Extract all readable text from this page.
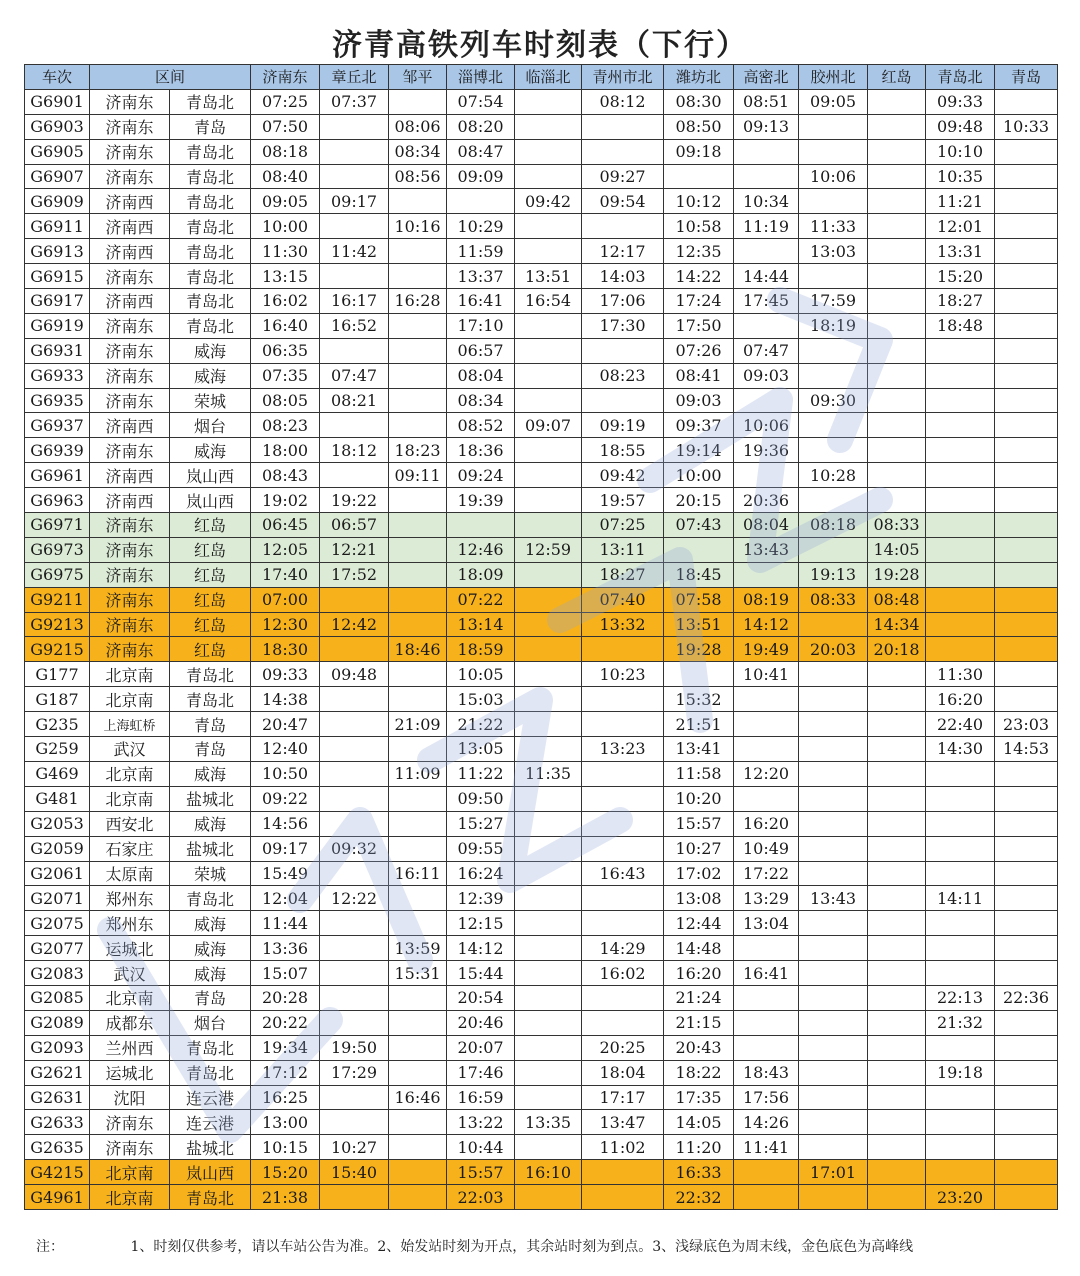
济青高铁列车时刻表（下行）
车次	区间		济南东	章丘北	邹平	淄博北	临淄北	青州市北	潍坊北	高密北	胶州北	红岛	青岛北	青岛
G6901	济南东	青岛北	07:25	07:37		07:54		08:12	08:30	08:51	09:05		09:33	
G6903	济南东	青岛	07:50		08:06	08:20			08:50	09:13			09:48	10:33
G6905	济南东	青岛北	08:18		08:34	08:47			09:18				10:10	
G6907	济南东	青岛北	08:40		08:56	09:09		09:27			10:06		10:35	
G6909	济南西	青岛北	09:05	09:17			09:42	09:54	10:12	10:34			11:21	
G6911	济南西	青岛北	10:00		10:16	10:29			10:58	11:19	11:33		12:01	
G6913	济南西	青岛北	11:30	11:42		11:59		12:17	12:35		13:03		13:31	
G6915	济南东	青岛北	13:15			13:37	13:51	14:03	14:22	14:44			15:20	
G6917	济南西	青岛北	16:02	16:17	16:28	16:41	16:54	17:06	17:24	17:45	17:59		18:27	
G6919	济南东	青岛北	16:40	16:52		17:10		17:30	17:50		18:19		18:48	
G6931	济南东	威海	06:35			06:57			07:26	07:47				
G6933	济南东	威海	07:35	07:47		08:04		08:23	08:41	09:03				
G6935	济南东	荣城	08:05	08:21		08:34			09:03		09:30			
G6937	济南西	烟台	08:23			08:52	09:07	09:19	09:37	10:06				
G6939	济南东	威海	18:00	18:12	18:23	18:36		18:55	19:14	19:36				
G6961	济南西	岚山西	08:43		09:11	09:24		09:42	10:00		10:28			
G6963	济南西	岚山西	19:02	19:22		19:39		19:57	20:15	20:36				
G6971	济南东	红岛	06:45	06:57				07:25	07:43	08:04	08:18	08:33		
G6973	济南东	红岛	12:05	12:21		12:46	12:59	13:11		13:43		14:05		
G6975	济南东	红岛	17:40	17:52		18:09		18:27	18:45		19:13	19:28		
G9211	济南东	红岛	07:00			07:22		07:40	07:58	08:19	08:33	08:48		
G9213	济南东	红岛	12:30	12:42		13:14		13:32	13:51	14:12		14:34		
G9215	济南东	红岛	18:30		18:46	18:59			19:28	19:49	20:03	20:18		
G177	北京南	青岛北	09:33	09:48		10:05		10:23		10:41			11:30	
G187	北京南	青岛北	14:38			15:03			15:32				16:20	
G235	上海虹桥	青岛	20:47		21:09	21:22			21:51				22:40	23:03
G259	武汉	青岛	12:40			13:05		13:23	13:41				14:30	14:53
G469	北京南	威海	10:50		11:09	11:22	11:35		11:58	12:20				
G481	北京南	盐城北	09:22			09:50			10:20					
G2053	西安北	威海	14:56			15:27			15:57	16:20				
G2059	石家庄	盐城北	09:17	09:32		09:55			10:27	10:49				
G2061	太原南	荣城	15:49		16:11	16:24		16:43	17:02	17:22				
G2071	郑州东	青岛北	12:04	12:22		12:39			13:08	13:29	13:43		14:11	
G2075	郑州东	威海	11:44			12:15			12:44	13:04				
G2077	运城北	威海	13:36		13:59	14:12		14:29	14:48					
G2083	武汉	威海	15:07		15:31	15:44		16:02	16:20	16:41				
G2085	北京南	青岛	20:28			20:54			21:24				22:13	22:36
G2089	成都东	烟台	20:22			20:46			21:15				21:32	
G2093	兰州西	青岛北	19:34	19:50		20:07		20:25	20:43					
G2621	运城北	青岛北	17:12	17:29		17:46		18:04	18:22	18:43			19:18	
G2631	沈阳	连云港	16:25		16:46	16:59		17:17	17:35	17:56				
G2633	济南东	连云港	13:00			13:22	13:35	13:47	14:05	14:26				
G2635	济南东	盐城北	10:15	10:27		10:44		11:02	11:20	11:41				
G4215	北京南	岚山西	15:20	15:40		15:57	16:10		16:33		17:01			
G4961	北京南	青岛北	21:38			22:03			22:32				23:20	
注：	1、时刻仅供参考，请以车站公告为准。2、始发站时刻为开点，其余站时刻为到点。3、浅绿底色为周末线，金色底色为高峰线
